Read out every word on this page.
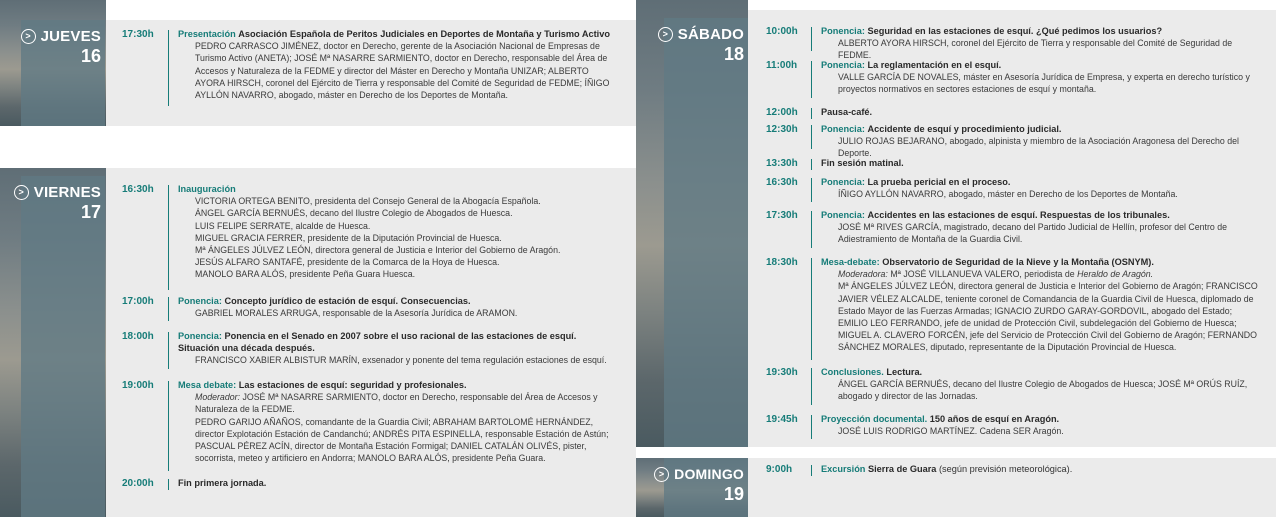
> JUEVES
16
> VIERNES
17
> SÁBADO
18
> DOMINGO
19
17:30h	Presentación Asociación Española de Peritos Judiciales en Deportes de Montaña y Turismo Activo
PEDRO CARRASCO JIMÉNEZ, doctor en Derecho, gerente de la Asociación Nacional de Empresas de Turismo Activo (ANETA); JOSÉ Mª NASARRE SARMIENTO, doctor en Derecho, responsable del Área de Accesos y Naturaleza de la FEDME y director del Máster en Derecho y Montaña UNIZAR; ALBERTO AYORA HIRSCH, coronel del Ejército de Tierra y responsable del Comité de Seguridad de FEDME; ÍÑIGO AYLLÓN NAVARRO, abogado, máster en Derecho de los Deportes de Montaña.
16:30h	Inauguración
VICTORIA ORTEGA BENITO, presidenta del Consejo General de la Abogacía Española.
ÁNGEL GARCÍA BERNUÉS, decano del Ilustre Colegio de Abogados de Huesca.
LUIS FELIPE SERRATE, alcalde de Huesca.
MIGUEL GRACIA FERRER, presidente de la Diputación Provincial de Huesca.
Mª ÁNGELES JÚLVEZ LEÓN, directora general de Justicia e Interior del Gobierno de Aragón.
JESÚS ALFARO SANTAFÉ, presidente de la Comarca de la Hoya de Huesca.
MANOLO BARA ALÓS, presidente Peña Guara Huesca.
17:00h	Ponencia: Concepto jurídico de estación de esquí. Consecuencias.
GABRIEL MORALES ARRUGA, responsable de la Asesoría Jurídica de ARAMON.
18:00h	Ponencia: Ponencia en el Senado en 2007 sobre el uso racional de las estaciones de esquí. Situación una década después.
FRANCISCO XABIER ALBISTUR MARÍN, exsenador y ponente del tema regulación estaciones de esquí.
19:00h	Mesa debate: Las estaciones de esquí: seguridad y profesionales.
Moderador: JOSÉ Mª NASARRE SARMIENTO, doctor en Derecho, responsable del Área de Accesos y Naturaleza de la FEDME.
PEDRO GARIJO AÑAÑOS, comandante de la Guardia Civil; ABRAHAM BARTOLOMÉ HERNÁNDEZ, director Explotación Estación de Candanchú; ANDRÉS PITA ESPINELLA, responsable Estación de Astún; PASCUAL PÉREZ ACÍN, director de Montaña Estación Formigal; DANIEL CATALÁN OLIVÉS, pister, socorrista, meteo y artificiero en Andorra; MANOLO BARA ALÓS, presidente Peña Guara.
20:00h	Fin primera jornada.
10:00h	Ponencia: Seguridad en las estaciones de esquí. ¿Qué pedimos los usuarios?
ALBERTO AYORA HIRSCH, coronel del Ejército de Tierra y responsable del Comité de Seguridad de FEDME.
11:00h	Ponencia: La reglamentación en el esquí.
VALLE GARCÍA DE NOVALES, máster en Asesoría Jurídica de Empresa, y experta en derecho turístico y proyectos normativos en sectores estaciones de esquí y montaña.
12:00h	Pausa-café.
12:30h	Ponencia: Accidente de esquí y procedimiento judicial.
JULIO ROJAS BEJARANO, abogado, alpinista y miembro de la Asociación Aragonesa del Derecho del Deporte.
13:30h	Fin sesión matinal.
16:30h	Ponencia: La prueba pericial en el proceso.
ÍÑIGO AYLLÓN NAVARRO, abogado, máster en Derecho de los Deportes de Montaña.
17:30h	Ponencia: Accidentes en las estaciones de esquí. Respuestas de los tribunales.
JOSÉ Mª RIVES GARCÍA, magistrado, decano del Partido Judicial de Hellín, profesor del Centro de Adiestramiento de Montaña de la Guardia Civil.
18:30h	Mesa-debate: Observatorio de Seguridad de la Nieve y la Montaña (OSNYM).
Moderadora: Mª JOSÉ VILLANUEVA VALERO, periodista de Heraldo de Aragón.
Mª ÁNGELES JÚLVEZ LEÓN, directora general de Justicia e Interior del Gobierno de Aragón; FRANCISCO JAVIER VÉLEZ ALCALDE, teniente coronel de Comandancia de la Guardia Civil de Huesca, diplomado de Estado Mayor de las Fuerzas Armadas; IGNACIO ZURDO GARAY-GORDOVIL, abogado del Estado; EMILIO LEO FERRANDO, jefe de unidad de Protección Civil, subdelegación del Gobierno de Huesca; MIGUEL A. CLAVERO FORCÉN, jefe del Servicio de Protección Civil del Gobierno de Aragón; FERNANDO SÁNCHEZ MORALES, diputado, representante de la Diputación Provincial de Huesca.
19:30h	Conclusiones. Lectura.
ÁNGEL GARCÍA BERNUÉS, decano del Ilustre Colegio de Abogados de Huesca; JOSÉ Mª ORÚS RUÍZ, abogado y director de las Jornadas.
19:45h	Proyección documental. 150 años de esquí en Aragón.
JOSÉ LUIS RODRIGO MARTÍNEZ. Cadena SER Aragón.
9:00h	Excursión Sierra de Guara (según previsión meteorológica).
